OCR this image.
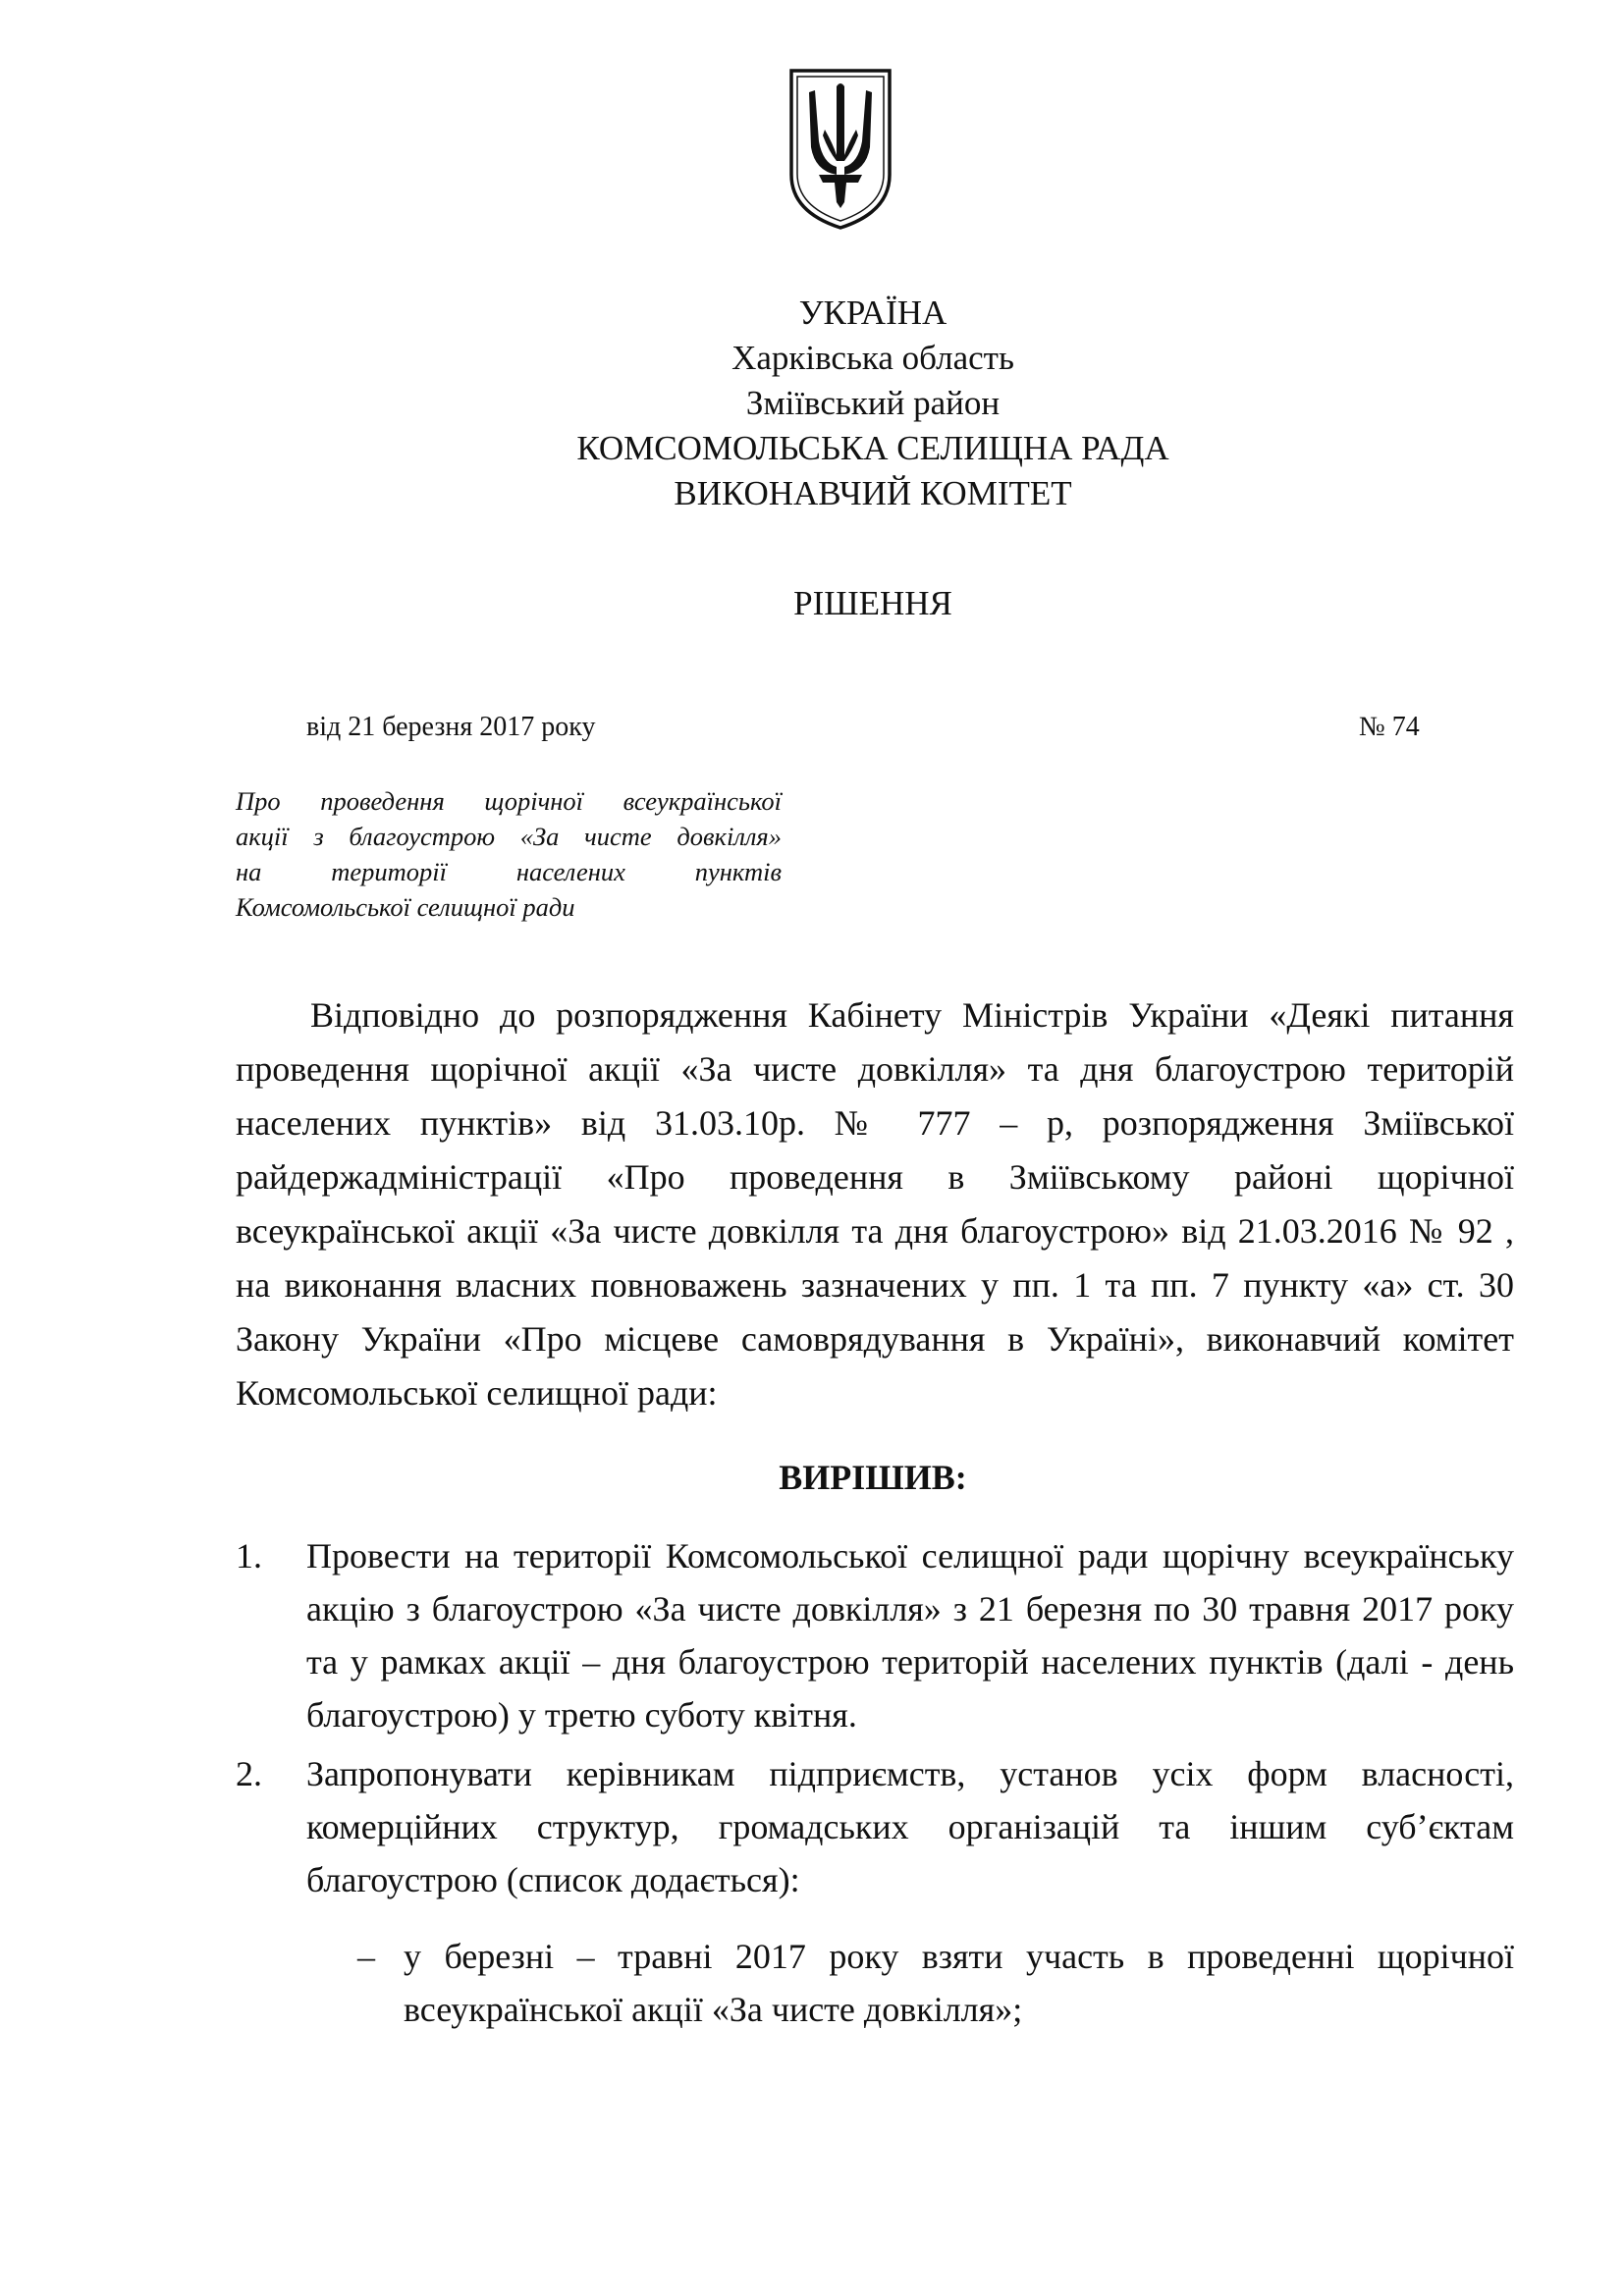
УКРАЇНА
Харківська область
Зміївський район
КОМСОМОЛЬСЬКА СЕЛИЩНА РАДА
ВИКОНАВЧИЙ КОМІТЕТ
РІШЕННЯ
від 21 березня 2017 року	№ 74
Про проведення щорічної всеукраїнської
акції з благоустрою «За чисте довкілля»
на	території	населених	пунктів
Комсомольської селищної ради
Відповідно до розпорядження Кабінету Міністрів України «Деякі питання проведення щорічної акції «За чисте довкілля» та дня благоустрою територій населених пунктів» від 31.03.10р. № 777 – р, розпорядження Зміївської райдержадміністрації «Про проведення в Зміївському районі щорічної всеукраїнської акції «За чисте довкілля та дня благоустрою» від 21.03.2016 № 92 , на виконання власних повноважень зазначених у пп. 1 та пп. 7 пункту «а» ст. 30 Закону України «Про місцеве самоврядування в Україні», виконавчий комітет Комсомольської селищної ради:
ВИРІШИВ:
1. Провести на території Комсомольської селищної ради щорічну всеукраїнську акцію з благоустрою «За чисте довкілля» з 21 березня по 30 травня 2017 року та у рамках акції – дня благоустрою територій населених пунктів (далі - день благоустрою) у третю суботу квітня.
2. Запропонувати керівникам підприємств, установ усіх форм власності, комерційних структур, громадських організацій та іншим суб’єктам благоустрою (список додається):
– у березні – травні 2017 року взяти участь в проведенні щорічної всеукраїнської акції «За чисте довкілля»;
